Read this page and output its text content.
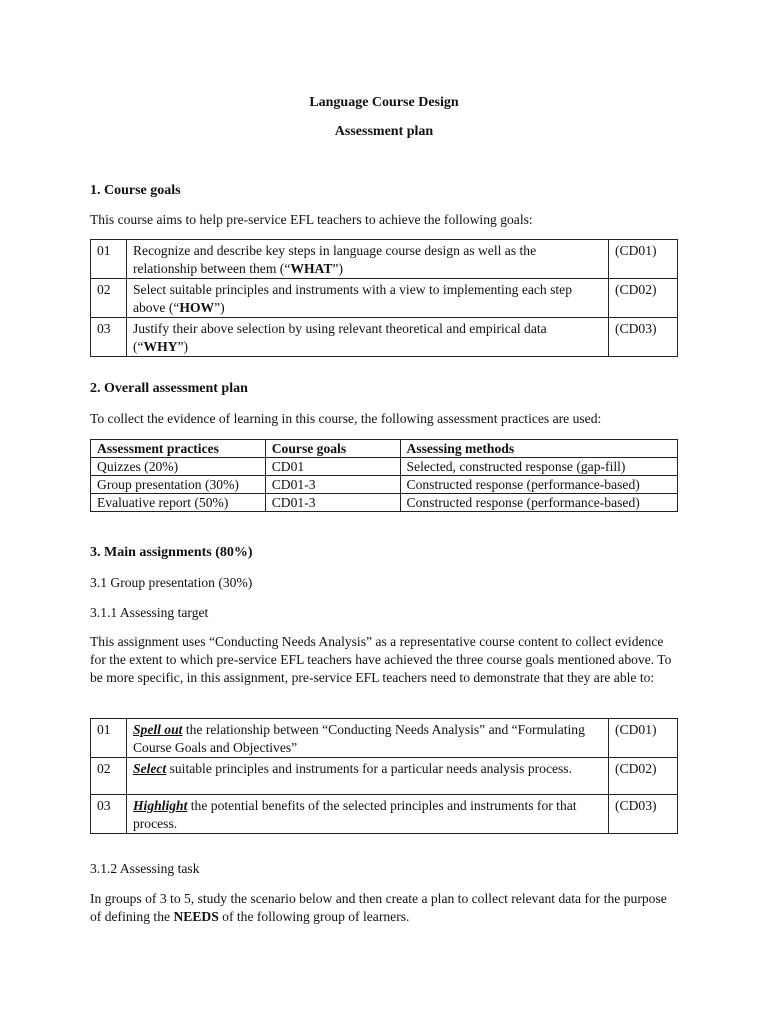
Language Course Design
Assessment plan
1. Course goals
This course aims to help pre-service EFL teachers to achieve the following goals:
01	Recognize and describe key steps in language course design as well as the relationship between them (“WHAT”)	(CD01)
02	Select suitable principles and instruments with a view to implementing each step above (“HOW”)	(CD02)
03	Justify their above selection by using relevant theoretical and empirical data (“WHY”)	(CD03)
2. Overall assessment plan
To collect the evidence of learning in this course, the following assessment practices are used:
Assessment practices	Course goals	Assessing methods
Quizzes (20%)	CD01	Selected, constructed response (gap-fill)
Group presentation (30%)	CD01-3	Constructed response (performance-based)
Evaluative report (50%)	CD01-3	Constructed response (performance-based)
3. Main assignments (80%)
3.1 Group presentation (30%)
3.1.1 Assessing target
This assignment uses “Conducting Needs Analysis” as a representative course content to collect evidence for the extent to which pre-service EFL teachers have achieved the three course goals mentioned above. To be more specific, in this assignment, pre-service EFL teachers need to demonstrate that they are able to:
01	Spell out the relationship between “Conducting Needs Analysis” and “Formulating Course Goals and Objectives”	(CD01)
02	Select suitable principles and instruments for a particular needs analysis process.	(CD02)
03	Highlight the potential benefits of the selected principles and instruments for that process.	(CD03)
3.1.2 Assessing task
In groups of 3 to 5, study the scenario below and then create a plan to collect relevant data for the purpose of defining the NEEDS of the following group of learners.
